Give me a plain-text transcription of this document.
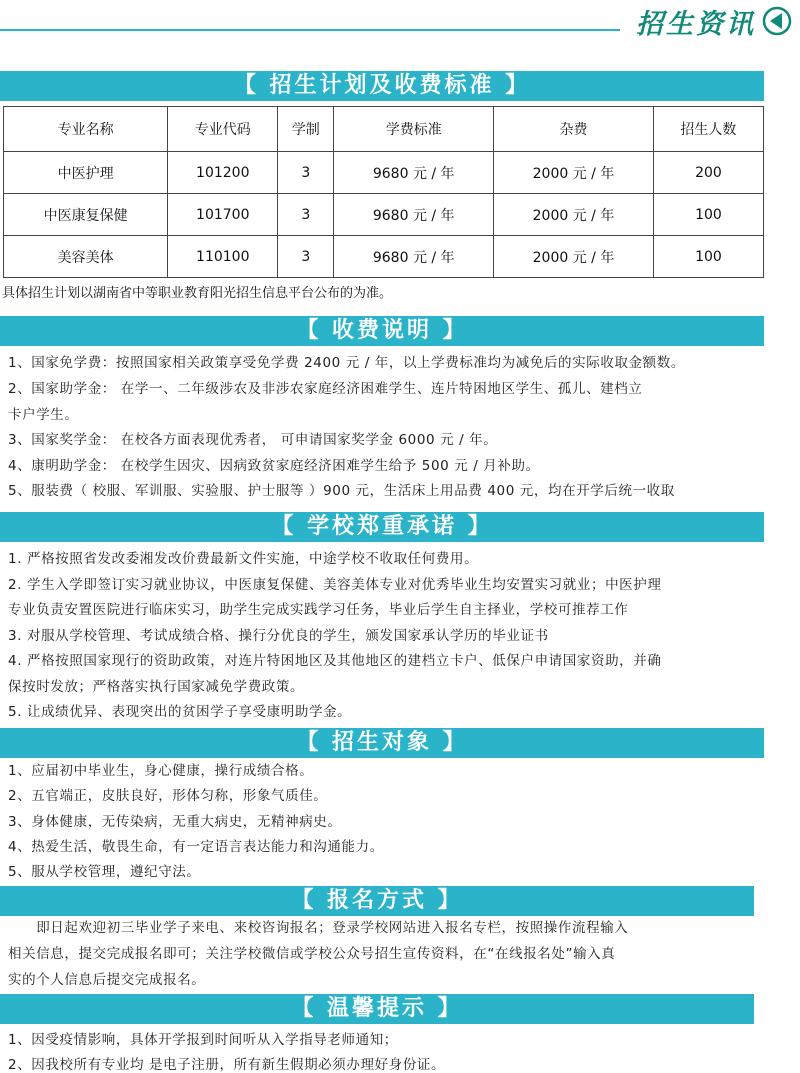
招生资讯
【 招生计划及收费标准 】
专业名称	专业代码	学制	学费标准	杂费	招生人数
中医护理	101200	3	9680 元 / 年	2000 元 / 年	200
中医康复保健	101700	3	9680 元 / 年	2000 元 / 年	100
美容美体	110100	3	9680 元 / 年	2000 元 / 年	100
具体招生计划以湖南省中等职业教育阳光招生信息平台公布的为准。
【 收费说明 】
1、国家免学费：按照国家相关政策享受免学费 2400 元 / 年，以上学费标准均为减免后的实际收取金额数。
2、国家助学金： 在学一、二年级涉农及非涉农家庭经济困难学生、连片特困地区学生、孤儿、建档立
卡户学生。
3、国家奖学金： 在校各方面表现优秀者， 可申请国家奖学金 6000 元 / 年。
4、康明助学金： 在校学生因灾、因病致贫家庭经济困难学生给予 500 元 / 月补助。
5、服装费（ 校服、军训服、实验服、护士服等 ）900 元，生活床上用品费 400 元，均在开学后统一收取
【 学校郑重承诺 】
1. 严格按照省发改委湘发改价费最新文件实施，中途学校不收取任何费用。
2. 学生入学即签订实习就业协议，中医康复保健、美容美体专业对优秀毕业生均安置实习就业；中医护理
专业负责安置医院进行临床实习，助学生完成实践学习任务，毕业后学生自主择业，学校可推荐工作
3. 对服从学校管理、考试成绩合格、操行分优良的学生，颁发国家承认学历的毕业证书
4. 严格按照国家现行的资助政策，对连片特困地区及其他地区的建档立卡户、低保户申请国家资助，并确
保按时发放；严格落实执行国家减免学费政策。
5. 让成绩优异、表现突出的贫困学子享受康明助学金。
【 招生对象 】
1、应届初中毕业生，身心健康，操行成绩合格。
2、五官端正，皮肤良好，形体匀称，形象气质佳。
3、身体健康，无传染病，无重大病史，无精神病史。
4、热爱生活，敬畏生命，有一定语言表达能力和沟通能力。
5、服从学校管理，遵纪守法。
【 报名方式 】
　　即日起欢迎初三毕业学子来电、来校咨询报名；登录学校网站进入报名专栏，按照操作流程输入
相关信息，提交完成报名即可；关注学校微信或学校公众号招生宣传资料，在“在线报名处”输入真
实的个人信息后提交完成报名。
【 温馨提示 】
1、因受疫情影响，具体开学报到时间听从入学指导老师通知；
2、因我校所有专业均 是电子注册，所有新生假期必须办理好身份证。
